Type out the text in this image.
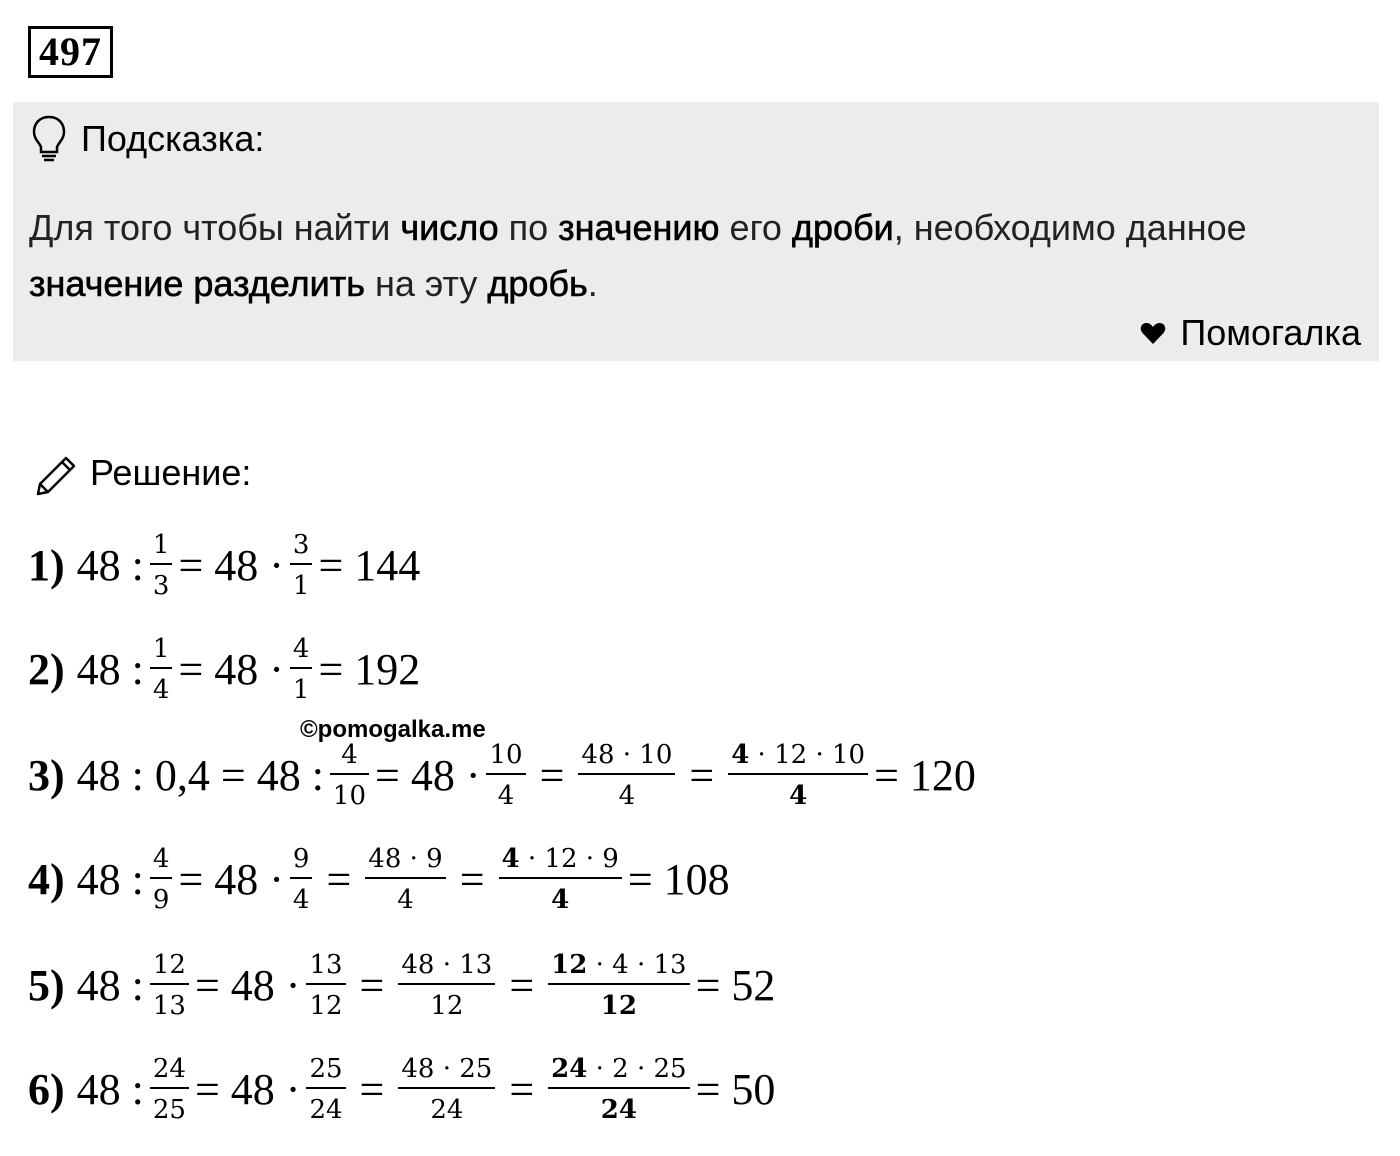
497
Подсказка:
Для того чтобы найти число по значению его дроби, необходимо данное значение разделить на эту дробь.
Помогалка
Решение:
©pomogalka.me
1) 48 : $\frac{1}{3} = 48 \cdot \frac{3}{1} = 144$
2) 48 : $\frac{1}{4} = 48 \cdot \frac{4}{1} = 192$
3) 48 : 0,4 = 48 : $\frac{4}{10} = 48 \cdot \frac{10}{4} = \frac{48 \cdot 10}{4} = \frac{4 \cdot 12 \cdot 10}{4} = 120$
4) 48 : $\frac{4}{9} = 48 \cdot \frac{9}{4} = \frac{48 \cdot 9}{4} = \frac{4 \cdot 12 \cdot 9}{4} = 108$
5) 48 : $\frac{12}{13} = 48 \cdot \frac{13}{12} = \frac{48 \cdot 13}{12} = \frac{12 \cdot 4 \cdot 13}{12} = 52$
6) 48 : $\frac{24}{25} = 48 \cdot \frac{25}{24} = \frac{48 \cdot 25}{24} = \frac{24 \cdot 2 \cdot 25}{24} = 50$
